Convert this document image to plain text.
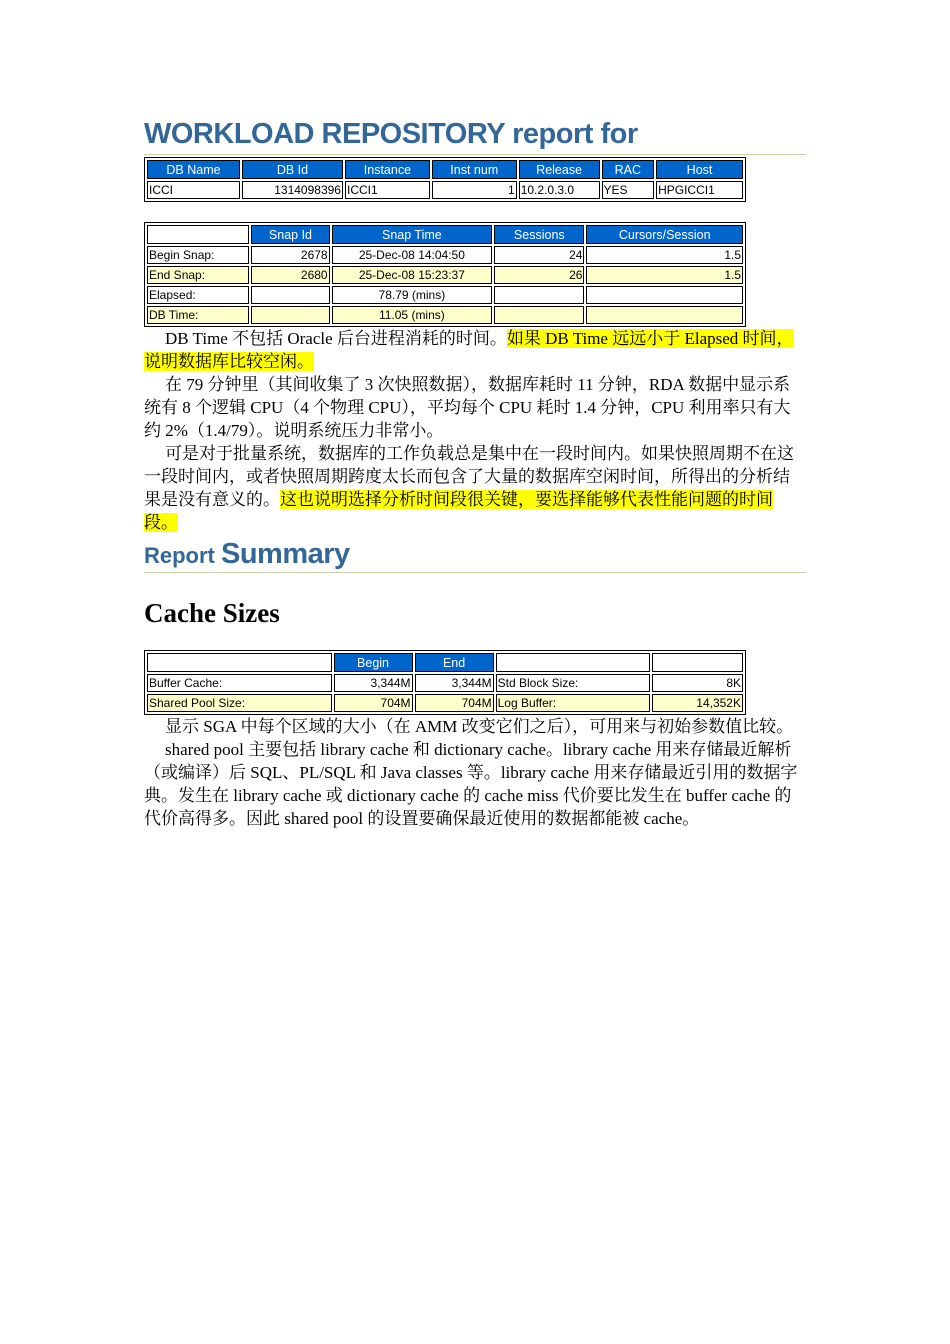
WORKLOAD REPOSITORY report for
DB Name	DB Id	Instance	Inst num	Release	RAC	Host
ICCI	1314098396	ICCI1	1	10.2.0.3.0	YES	HPGICCI1
	Snap Id	Snap Time	Sessions	Cursors/Session
Begin Snap:	2678	25-Dec-08 14:04:50	24	1.5
End Snap:	2680	25-Dec-08 15:23:37	26	1.5
Elapsed:		78.79 (mins)		
DB Time:		11.05 (mins)		

DB Time 不包括 Oracle 后台进程消耗的时间。如果 DB Time 远远小于 Elapsed 时间，说明数据库比较空闲。

在 79 分钟里（其间收集了 3 次快照数据），数据库耗时 11 分钟，RDA 数据中显示系统有 8 个逻辑 CPU（4 个物理 CPU），平均每个 CPU 耗时 1.4 分钟，CPU 利用率只有大约 2%（1.4/79）。说明系统压力非常小。

可是对于批量系统，数据库的工作负载总是集中在一段时间内。如果快照周期不在这一段时间内，或者快照周期跨度太长而包含了大量的数据库空闲时间，所得出的分析结果是没有意义的。这也说明选择分析时间段很关键，要选择能够代表性能问题的时间段。

Report Summary
Cache Sizes
	Begin	End		
Buffer Cache:	3,344M	3,344M	Std Block Size:	8K
Shared Pool Size:	704M	704M	Log Buffer:	14,352K

显示 SGA 中每个区域的大小（在 AMM 改变它们之后），可用来与初始参数值比较。

shared pool 主要包括 library cache 和 dictionary cache。library cache 用来存储最近解析（或编译）后 SQL、PL/SQL 和 Java classes 等。library cache 用来存储最近引用的数据字典。发生在 library cache 或 dictionary cache 的 cache miss 代价要比发生在 buffer cache 的代价高得多。因此 shared pool 的设置要确保最近使用的数据都能被 cache。
